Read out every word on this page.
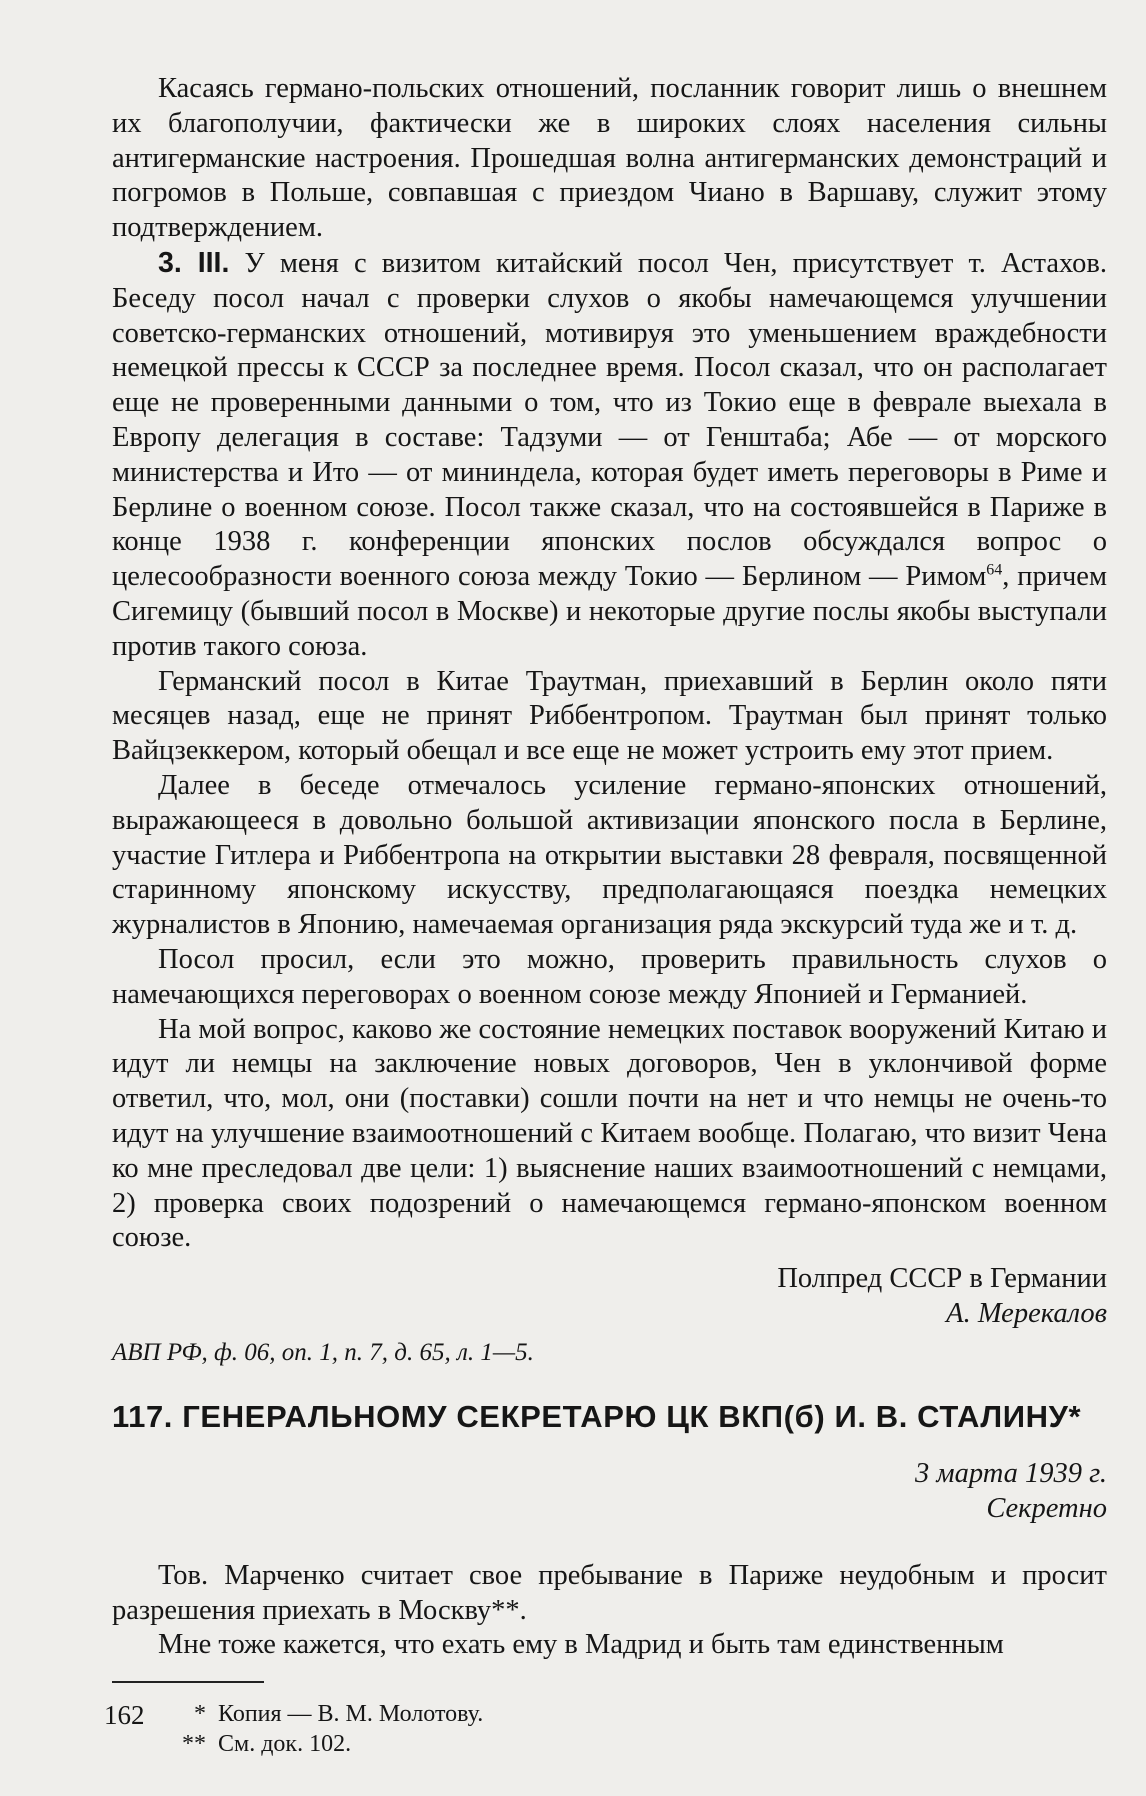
Касаясь германо-польских отношений, посланник говорит лишь о внешнем их благополучии, фактически же в широких слоях населения сильны антигерманские настроения. Прошедшая волна антигерманских демонстраций и погромов в Польше, совпавшая с приездом Чиано в Варшаву, служит этому подтверждением.

3. III. У меня с визитом китайский посол Чен, присутствует т. Астахов. Беседу посол начал с проверки слухов о якобы намечающемся улучшении советско-германских отношений, мотивируя это уменьшением враждебности немецкой прессы к СССР за последнее время. Посол сказал, что он располагает еще не проверенными данными о том, что из Токио еще в феврале выехала в Европу делегация в составе: Тадзуми — от Генштаба; Абе — от морского министерства и Ито — от мининдела, которая будет иметь переговоры в Риме и Берлине о военном союзе. Посол также сказал, что на состоявшейся в Париже в конце 1938 г. конференции японских послов обсуждался вопрос о целесообразности военного союза между Токио — Берлином — Римом$^{64}$, причем Сигемицу (бывший посол в Москве) и некоторые другие послы якобы выступали против такого союза.

Германский посол в Китае Траутман, приехавший в Берлин около пяти месяцев назад, еще не принят Риббентропом. Траутман был принят только Вайцзеккером, который обещал и все еще не может устроить ему этот прием.

Далее в беседе отмечалось усиление германо-японских отношений, выражающееся в довольно большой активизации японского посла в Берлине, участие Гитлера и Риббентропа на открытии выставки 28 февраля, посвященной старинному японскому искусству, предполагающаяся поездка немецких журналистов в Японию, намечаемая организация ряда экскурсий туда же и т. д.

Посол просил, если это можно, проверить правильность слухов о намечающихся переговорах о военном союзе между Японией и Германией.

На мой вопрос, каково же состояние немецких поставок вооружений Китаю и идут ли немцы на заключение новых договоров, Чен в уклончивой форме ответил, что, мол, они (поставки) сошли почти на нет и что немцы не очень-то идут на улучшение взаимоотношений с Китаем вообще. Полагаю, что визит Чена ко мне преследовал две цели: 1) выяснение наших взаимоотношений с немцами, 2) проверка своих подозрений о намечающемся германо-японском военном союзе.

Полпред СССР в Германии

А. Мерекалов

АВП РФ, ф. 06, оп. 1, п. 7, д. 65, л. 1—5.
117. ГЕНЕРАЛЬНОМУ СЕКРЕТАРЮ ЦК ВКП(б) И. В. СТАЛИНУ*
3 марта 1939 г.
Секретно

Тов. Марченко считает свое пребывание в Париже неудобным и просит разрешения приехать в Москву**.

Мне тоже кажется, что ехать ему в Мадрид и быть там единственным

* Копия — В. М. Молотову.
** См. док. 102.
162
